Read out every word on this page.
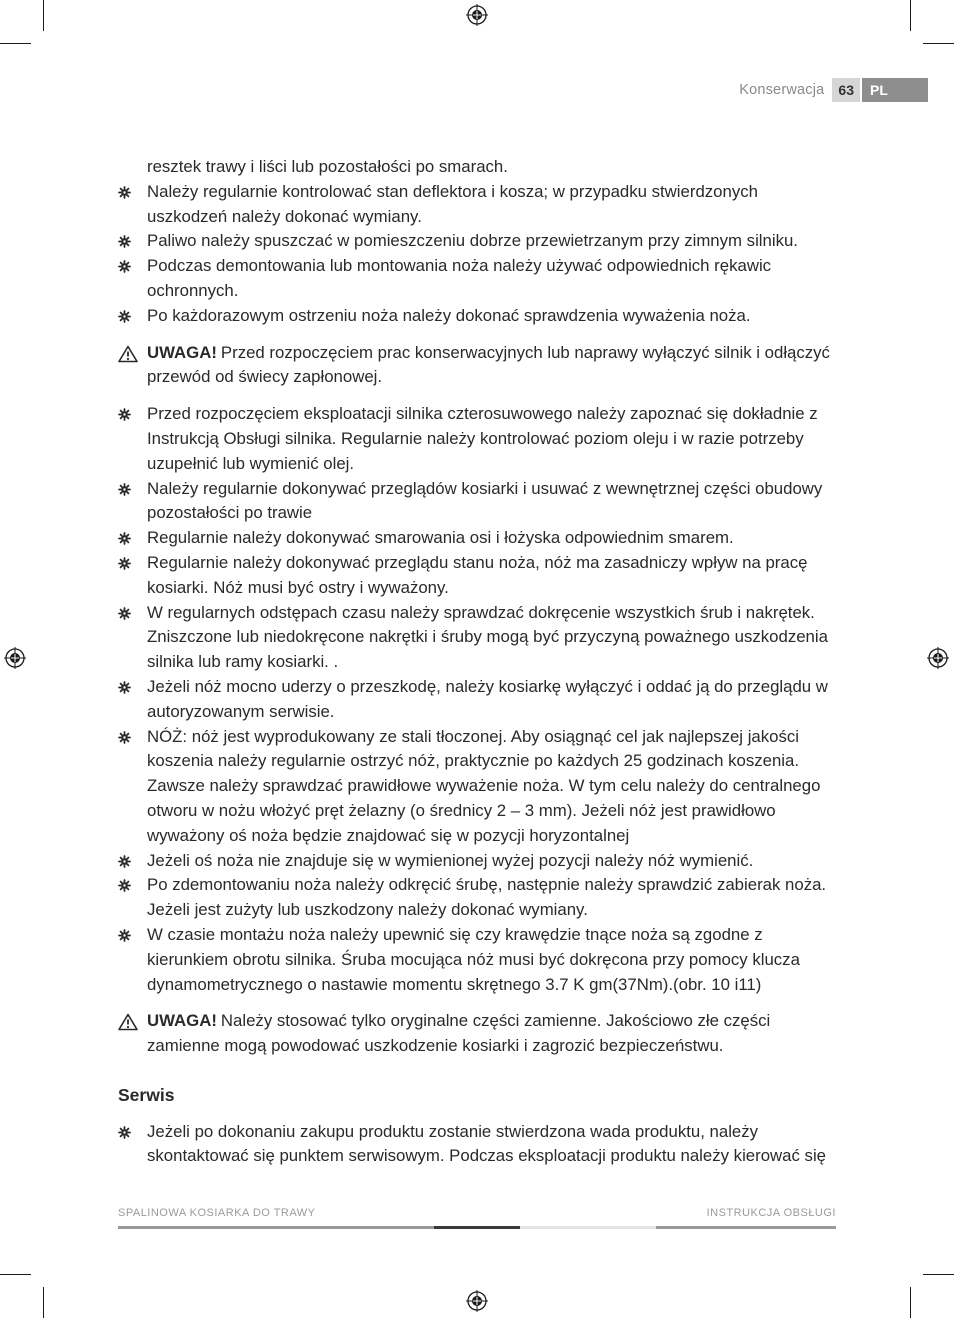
Konserwacja	63	PL
resztek trawy i liści lub pozostałości po smarach.
Należy regularnie kontrolować stan deflektora i kosza; w przypadku stwierdzonych uszkodzeń należy dokonać wymiany.
Paliwo należy spuszczać w pomieszczeniu dobrze przewietrzanym przy zimnym silniku.
Podczas demontowania lub montowania noża należy używać odpowiednich rękawic ochronnych.
Po każdorazowym ostrzeniu noża należy dokonać sprawdzenia wyważenia noża.
UWAGA! Przed rozpoczęciem prac konserwacyjnych lub naprawy wyłączyć silnik i odłączyć przewód od świecy zapłonowej.
Przed rozpoczęciem eksploatacji silnika czterosuwowego należy zapoznać się dokładnie z Instrukcją Obsługi silnika. Regularnie należy kontrolować poziom oleju i w razie potrzeby uzupełnić lub wymienić olej.
Należy regularnie dokonywać przeglądów kosiarki i usuwać z wewnętrznej części obudowy pozostałości po trawie
Regularnie należy dokonywać smarowania osi i łożyska odpowiednim smarem.
Regularnie należy dokonywać przeglądu stanu noża, nóż ma zasadniczy wpływ na pracę kosiarki. Nóż musi być ostry i wyważony.
W regularnych odstępach czasu należy sprawdzać dokręcenie wszystkich śrub i nakrętek. Zniszczone lub niedokręcone nakrętki i śruby mogą być przyczyną poważnego uszkodzenia silnika lub ramy kosiarki. .
Jeżeli nóż mocno uderzy o przeszkodę, należy kosiarkę wyłączyć i oddać ją do przeglądu w autoryzowanym serwisie.
NÓŻ: nóż jest wyprodukowany ze stali tłoczonej. Aby osiągnąć cel jak najlepszej jakości koszenia należy regularnie ostrzyć nóż, praktycznie po każdych 25 godzinach koszenia. Zawsze należy sprawdzać prawidłowe wyważenie noża. W tym celu należy do centralnego otworu w nożu włożyć pręt żelazny (o średnicy 2 – 3 mm). Jeżeli nóż jest prawidłowo wyważony oś noża będzie znajdować się w pozycji horyzontalnej
Jeżeli oś noża nie znajduje się w wymienionej wyżej pozycji należy nóż wymienić.
Po zdemontowaniu noża należy odkręcić śrubę, następnie należy sprawdzić zabierak noża. Jeżeli jest zużyty lub uszkodzony należy dokonać wymiany.
W czasie montażu noża należy upewnić się czy krawędzie tnące noża są zgodne z kierunkiem obrotu silnika. Śruba mocująca nóż musi być dokręcona przy pomocy klucza dynamometrycznego o nastawie momentu skrętnego 3.7 K gm(37Nm).(obr. 10 i11)
UWAGA! Należy stosować tylko oryginalne części zamienne. Jakościowo złe części zamienne mogą powodować uszkodzenie kosiarki i zagrozić bezpieczeństwu.
Serwis
Jeżeli po dokonaniu zakupu produktu zostanie stwierdzona wada produktu, należy skontaktować się punktem serwisowym. Podczas eksploatacji produktu należy kierować się
SPALINOWA KOSIARKA DO TRAWY	INSTRUKCJA OBSŁUGI
